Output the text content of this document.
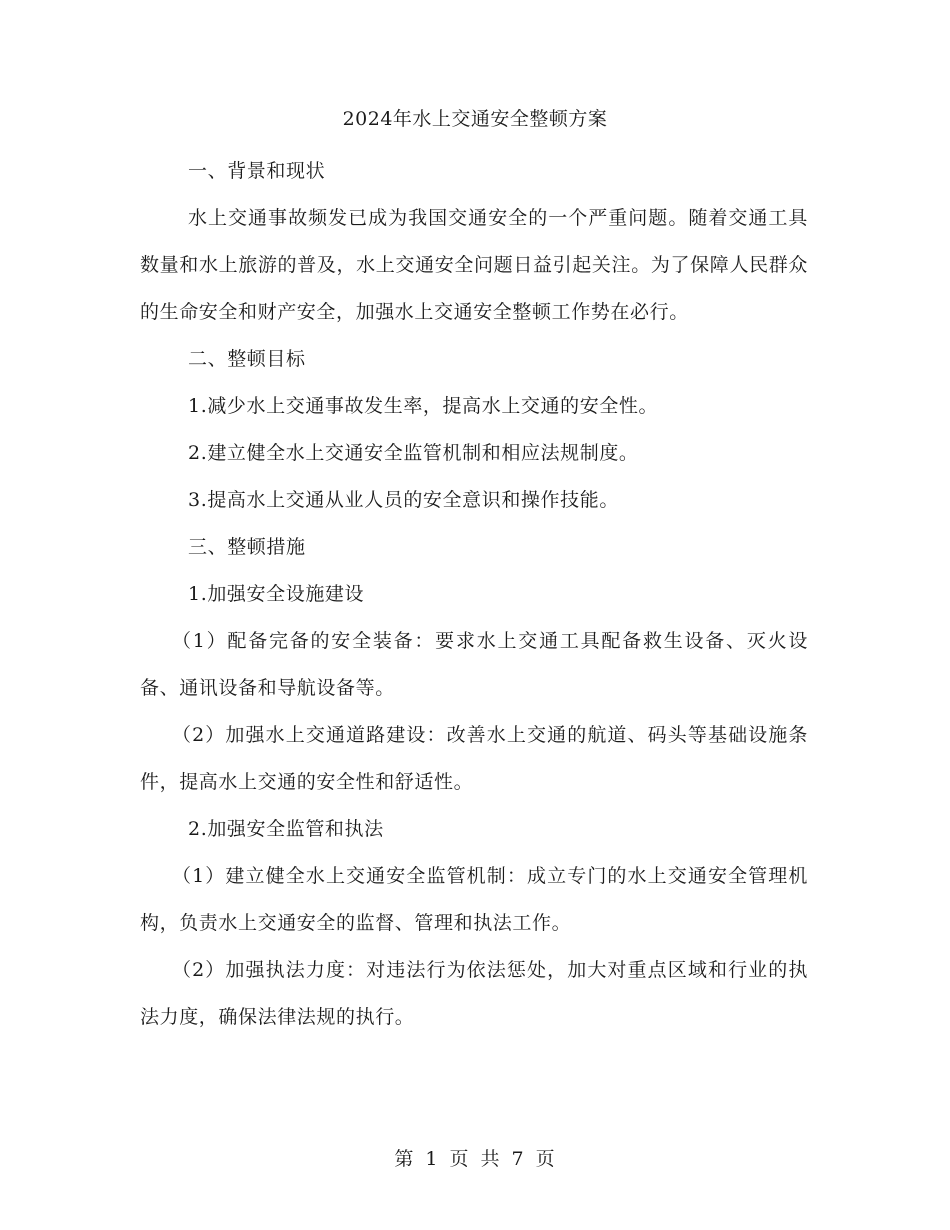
2024年水上交通安全整顿方案

一、背景和现状

水上交通事故频发已成为我国交通安全的一个严重问题。随着交通工具数量和水上旅游的普及，水上交通安全问题日益引起关注。为了保障人民群众的生命安全和财产安全，加强水上交通安全整顿工作势在必行。

二、整顿目标

1.减少水上交通事故发生率，提高水上交通的安全性。

2.建立健全水上交通安全监管机制和相应法规制度。

3.提高水上交通从业人员的安全意识和操作技能。

三、整顿措施

1.加强安全设施建设

（1）配备完备的安全装备：要求水上交通工具配备救生设备、灭火设备、通讯设备和导航设备等。

（2）加强水上交通道路建设：改善水上交通的航道、码头等基础设施条件，提高水上交通的安全性和舒适性。

2.加强安全监管和执法

（1）建立健全水上交通安全监管机制：成立专门的水上交通安全管理机构，负责水上交通安全的监督、管理和执法工作。

（2）加强执法力度：对违法行为依法惩处，加大对重点区域和行业的执法力度，确保法律法规的执行。

第 1 页 共 7 页
